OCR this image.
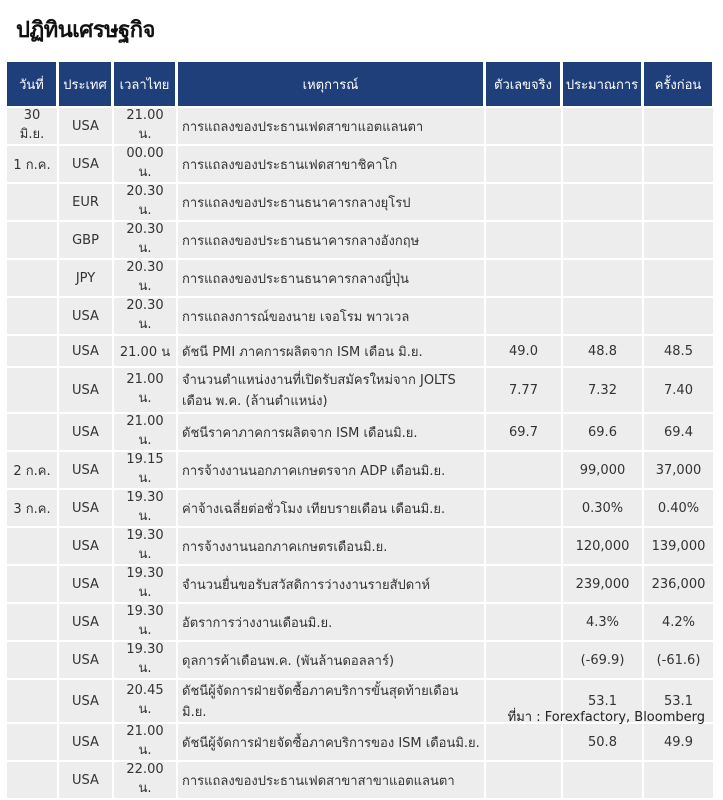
ปฏิทินเศรษฐกิจ
วันที่	ประเทศ	เวลาไทย	เหตุการณ์	ตัวเลขจริง	ประมาณการ	ครั้งก่อน
30 มิ.ย.	USA	21.00 น.	การแถลงของประธานเฟดสาขาแอตแลนตา			
1 ก.ค.	USA	00.00 น.	การแถลงของประธานเฟดสาขาชิคาโก			
	EUR	20.30 น.	การแถลงของประธานธนาคารกลางยุโรป			
	GBP	20.30 น.	การแถลงของประธานธนาคารกลางอังกฤษ			
	JPY	20.30 น.	การแถลงของประธานธนาคารกลางญี่ปุ่น			
	USA	20.30 น.	การแถลงการณ์ของนาย เจอโรม พาวเวล			
	USA	21.00 น	ดัชนี PMI ภาคการผลิตจาก ISM เดือน มิ.ย.	49.0	48.8	48.5
	USA	21.00 น.	จำนวนตำแหน่งงานที่เปิดรับสมัครใหม่จาก JOLTS เดือน พ.ค. (ล้านตำแหน่ง)	7.77	7.32	7.40
	USA	21.00 น.	ดัชนีราคาภาคการผลิตจาก ISM เดือนมิ.ย.	69.7	69.6	69.4
2 ก.ค.	USA	19.15 น.	การจ้างงานนอกภาคเกษตรจาก ADP เดือนมิ.ย.		99,000	37,000
3 ก.ค.	USA	19.30 น.	ค่าจ้างเฉลี่ยต่อชั่วโมง เทียบรายเดือน เดือนมิ.ย.		0.30%	0.40%
	USA	19.30 น.	การจ้างงานนอกภาคเกษตรเดือนมิ.ย.		120,000	139,000
	USA	19.30 น.	จำนวนยื่นขอรับสวัสดิการว่างงานรายสัปดาห์		239,000	236,000
	USA	19.30 น.	อัตราการว่างงานเดือนมิ.ย.		4.3%	4.2%
	USA	19.30 น.	ดุลการค้าเดือนพ.ค. (พันล้านดอลลาร์)		(-69.9)	(-61.6)
	USA	20.45 น.	ดัชนีผู้จัดการฝ่ายจัดซื้อภาคบริการขั้นสุดท้ายเดือนมิ.ย.		53.1	53.1
	USA	21.00 น.	ดัชนีผู้จัดการฝ่ายจัดซื้อภาคบริการของ ISM เดือนมิ.ย.		50.8	49.9
	USA	22.00 น.	การแถลงของประธานเฟดสาขาสาขาแอตแลนตา			
ที่มา : Forexfactory, Bloomberg
